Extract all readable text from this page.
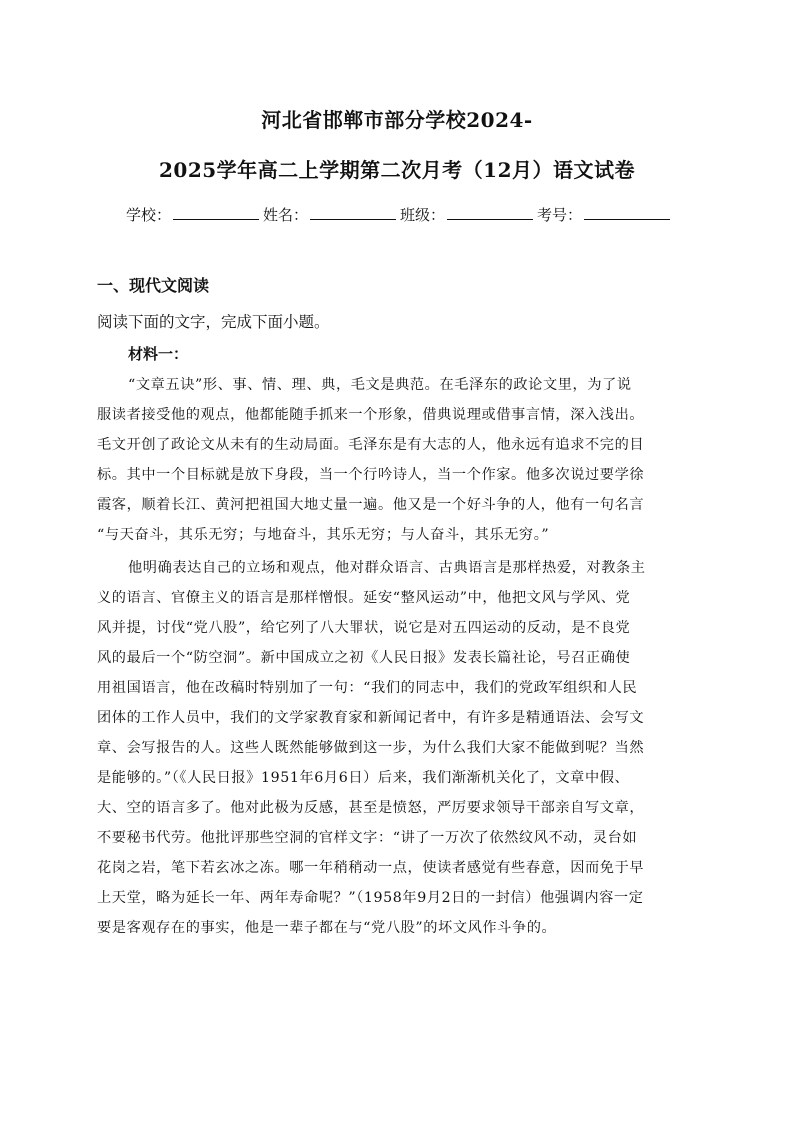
河北省邯郸市部分学校2024-
2025学年高二上学期第二次月考（12月）语文试卷
学校：	姓名：	班级：	考号：
一、现代文阅读
阅读下面的文字，完成下面小题。
材料一：
“文章五诀”形、事、情、理、典，毛文是典范。在毛泽东的政论文里，为了说
服读者接受他的观点，他都能随手抓来一个形象，借典说理或借事言情，深入浅出。
毛文开创了政论文从未有的生动局面。毛泽东是有大志的人，他永远有追求不完的目
标。其中一个目标就是放下身段，当一个行吟诗人，当一个作家。他多次说过要学徐
霞客，顺着长江、黄河把祖国大地丈量一遍。他又是一个好斗争的人，他有一句名言
“与天奋斗，其乐无穷；与地奋斗，其乐无穷；与人奋斗，其乐无穷。”
他明确表达自己的立场和观点，他对群众语言、古典语言是那样热爱，对教条主
义的语言、官僚主义的语言是那样憎恨。延安“整风运动”中，他把文风与学风、党
风并提，讨伐“党八股”，给它列了八大罪状，说它是对五四运动的反动，是不良党
风的最后一个“防空洞”。新中国成立之初《人民日报》发表长篇社论，号召正确使
用祖国语言，他在改稿时特别加了一句：“我们的同志中，我们的党政军组织和人民
团体的工作人员中，我们的文学家教育家和新闻记者中，有许多是精通语法、会写文
章、会写报告的人。这些人既然能够做到这一步，为什么我们大家不能做到呢？当然
是能够的。”（《人民日报》1951年6月6日）后来，我们渐渐机关化了，文章中假、
大、空的语言多了。他对此极为反感，甚至是愤怒，严厉要求领导干部亲自写文章，
不要秘书代劳。他批评那些空洞的官样文字：“讲了一万次了依然纹风不动，灵台如
花岗之岩，笔下若玄冰之冻。哪一年稍稍动一点，使读者感觉有些春意，因而免于早
上天堂，略为延长一年、两年寿命呢？”（1958年9月2日的一封信）他强调内容一定
要是客观存在的事实，他是一辈子都在与“党八股”的坏文风作斗争的。
